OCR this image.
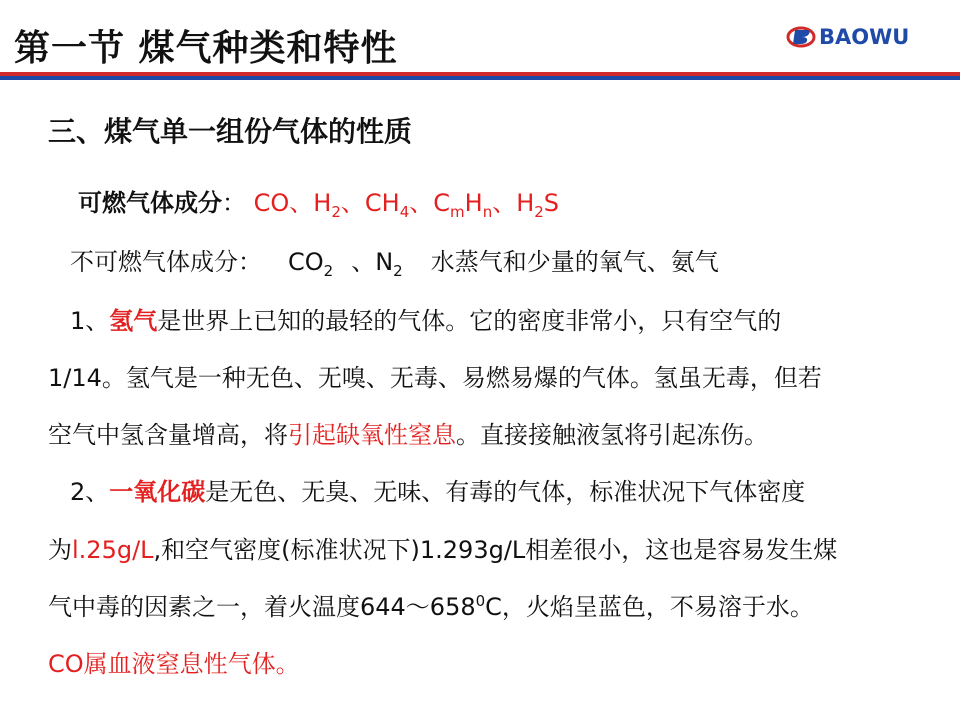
第一节 煤气种类和特性	BAOWU
三、煤气单一组份气体的性质
可燃气体成分： CO、$H_2$、$CH_4$、$C_mH_n$、$H_2S$
不可燃气体成分： $CO_2$ 、$N_2$ 水蒸气和少量的氧气、氨气
1、氢气是世界上已知的最轻的气体。它的密度非常小，只有空气的
1/14。氢气是一种无色、无嗅、无毒、易燃易爆的气体。氢虽无毒，但若
空气中氢含量增高，将引起缺氧性窒息。直接接触液氢将引起冻伤。
2、一氧化碳是无色、无臭、无味、有毒的气体，标准状况下气体密度
为l.25g/L,和空气密度(标准状况下)1.293g/L相差很小，这也是容易发生煤
气中毒的因素之一，着火温度$644\sim 658^0C$，火焰呈蓝色，不易溶于水。
CO属血液窒息性气体。
